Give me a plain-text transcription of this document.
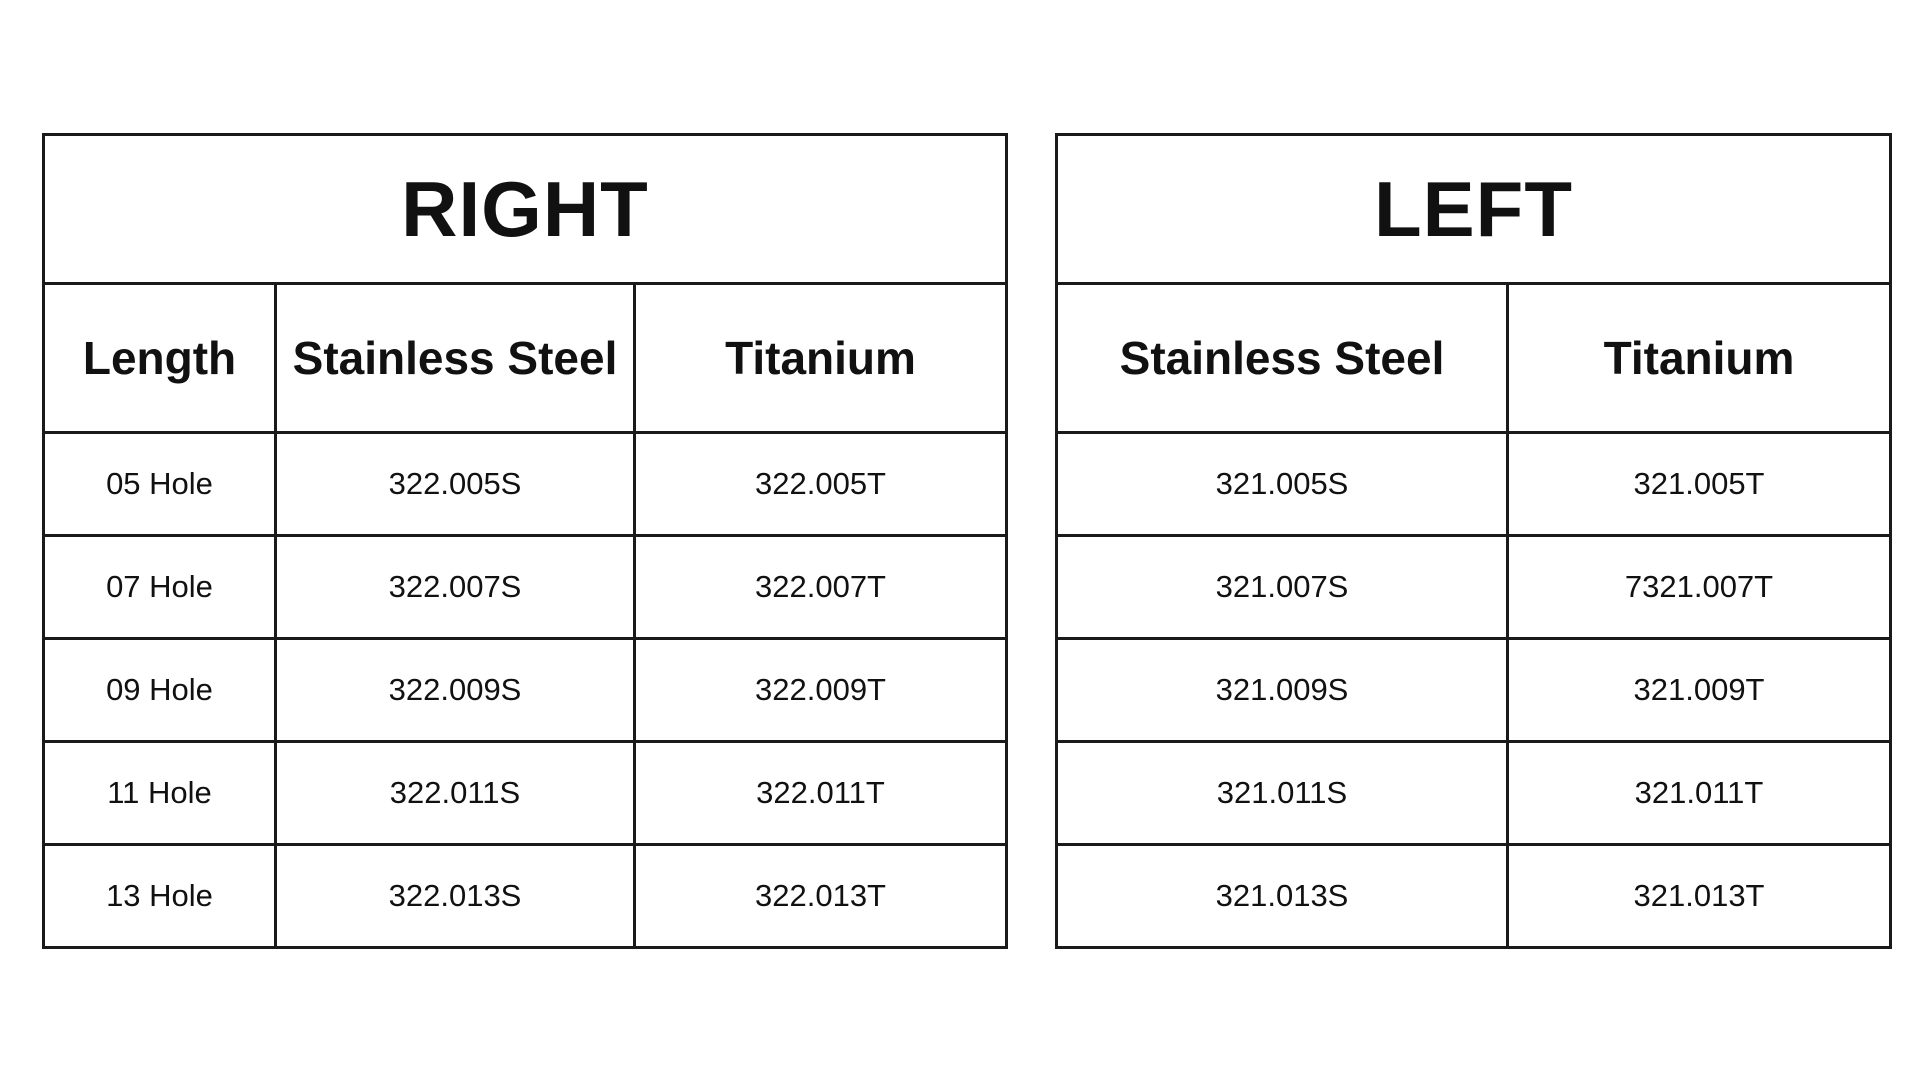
RIGHT		
Length	Stainless Steel	Titanium
05 Hole	322.005S	322.005T
07 Hole	322.007S	322.007T
09 Hole	322.009S	322.009T
11 Hole	322.011S	322.011T
13 Hole	322.013S	322.013T
LEFT	
Stainless Steel	Titanium
321.005S	321.005T
321.007S	7321.007T
321.009S	321.009T
321.011S	321.011T
321.013S	321.013T
